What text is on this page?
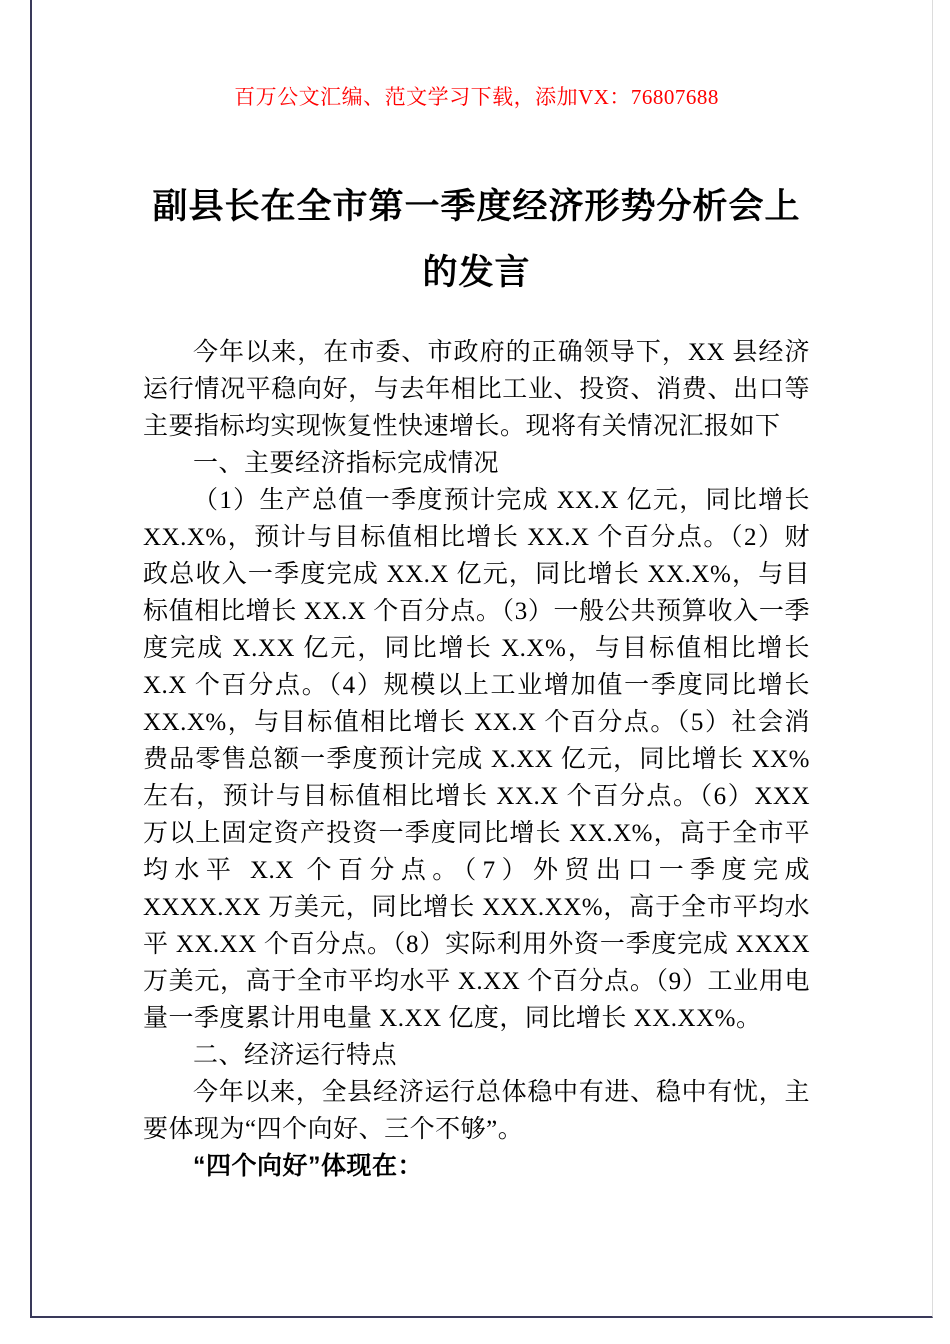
百万公文汇编、范文学习下载，添加VX：76807688
副县长在全市第一季度经济形势分析会上的发言

今年以来，在市委、市政府的正确领导下，XX 县经济运行情况平稳向好，与去年相比工业、投资、消费、出口等主要指标均实现恢复性快速增长。现将有关情况汇报如下

一、主要经济指标完成情况

（1）生产总值一季度预计完成 XX.X 亿元，同比增长 XX.X%，预计与目标值相比增长 XX.X 个百分点。（2）财政总收入一季度完成 XX.X 亿元，同比增长 XX.X%，与目标值相比增长 XX.X 个百分点。（3）一般公共预算收入一季度完成 X.XX 亿元，同比增长 X.X%，与目标值相比增长 X.X 个百分点。（4）规模以上工业增加值一季度同比增长 XX.X%，与目标值相比增长 XX.X 个百分点。（5）社会消费品零售总额一季度预计完成 X.XX 亿元，同比增长 XX% 左右，预计与目标值相比增长 XX.X 个百分点。（6）XXX 万以上固定资产投资一季度同比增长 XX.X%，高于全市平均水平 X.X 个百分点。（7）外贸出口一季度完成 XXXX.XX 万美元，同比增长 XXX.XX%，高于全市平均水平 XX.XX 个百分点。（8）实际利用外资一季度完成 XXXX 万美元，高于全市平均水平 X.XX 个百分点。（9）工业用电量一季度累计用电量 X.XX 亿度，同比增长 XX.XX%。

二、经济运行特点

今年以来，全县经济运行总体稳中有进、稳中有忧，主要体现为“四个向好、三个不够”。

“四个向好”体现在：
